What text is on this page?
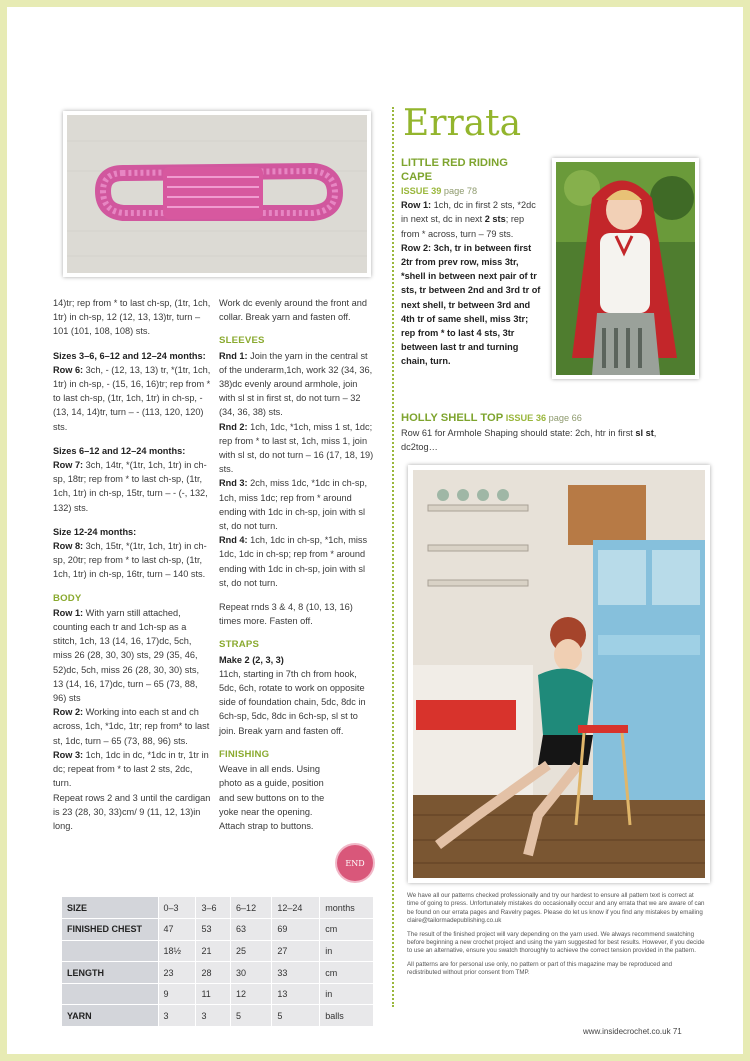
14)tr; rep from * to last ch-sp, (1tr, 1ch, 1tr) in ch-sp, 12 (12, 13, 13)tr, turn – 101 (101, 108, 108) sts.

Sizes 3–6, 6–12 and 12–24 months:

Row 6: 3ch, - (12, 13, 13) tr, *(1tr, 1ch, 1tr) in ch-sp, - (15, 16, 16)tr; rep from * to last ch-sp, (1tr, 1ch, 1tr) in ch-sp, - (13, 14, 14)tr, turn – - (113, 120, 120) sts.

Sizes 6–12 and 12–24 months:

Row 7: 3ch, 14tr, *(1tr, 1ch, 1tr) in ch-sp, 18tr; rep from * to last ch-sp, (1tr, 1ch, 1tr) in ch-sp, 15tr, turn – - (-, 132, 132) sts.

Size 12-24 months:

Row 8: 3ch, 15tr, *(1tr, 1ch, 1tr) in ch-sp, 20tr; rep from * to last ch-sp, (1tr, 1ch, 1tr) in ch-sp, 16tr, turn – 140 sts.

BODY

Row 1: With yarn still attached, counting each tr and 1ch-sp as a stitch, 1ch, 13 (14, 16, 17)dc, 5ch, miss 26 (28, 30, 30) sts, 29 (35, 46, 52)dc, 5ch, miss 26 (28, 30, 30) sts, 13 (14, 16, 17)dc, turn – 65 (73, 88, 96) sts

Row 2: Working into each st and ch across, 1ch, *1dc, 1tr; rep from* to last st, 1dc, turn – 65 (73, 88, 96) sts.

Row 3: 1ch, 1dc in dc, *1dc in tr, 1tr in dc; repeat from * to last 2 sts, 2dc, turn.

Repeat rows 2 and 3 until the cardigan is 23 (28, 30, 33)cm/ 9 (11, 12, 13)in long.

Work dc evenly around the front and collar. Break yarn and fasten off.

SLEEVES

Rnd 1: Join the yarn in the central st of the underarm,1ch, work 32 (34, 36, 38)dc evenly around armhole, join with sl st in first st, do not turn – 32 (34, 36, 38) sts.

Rnd 2: 1ch, 1dc, *1ch, miss 1 st, 1dc; rep from * to last st, 1ch, miss 1, join with sl st, do not turn – 16 (17, 18, 19) sts.

Rnd 3: 2ch, miss 1dc, *1dc in ch-sp, 1ch, miss 1dc; rep from * around ending with 1dc in ch-sp, join with sl st, do not turn.

Rnd 4: 1ch, 1dc in ch-sp, *1ch, miss 1dc, 1dc in ch-sp; rep from * around ending with 1dc in ch-sp, join with sl st, do not turn.

Repeat rnds 3 & 4, 8 (10, 13, 16) times more. Fasten off.

STRAPS

Make 2 (2, 3, 3)

11ch, starting in 7th ch from hook, 5dc, 6ch, rotate to work on opposite side of foundation chain, 5dc, 8dc in 6ch-sp, 5dc, 8dc in 6ch-sp, sl st to join. Break yarn and fasten off.

FINISHING

Weave in all ends. Using photo as a guide, position and sew buttons on to the yoke near the opening. Attach strap to buttons.

END
SIZE	0–3	3–6	6–12	12–24	months
FINISHED CHEST	47	53	63	69	cm
	18½	21	25	27	in
LENGTH	23	28	30	33	cm
	9	11	12	13	in
YARN	3	3	5	5	balls
Errata

LITTLE RED RIDING CAPE

ISSUE 39 page 78

Row 1: 1ch, dc in first 2 sts, *2dc in next st, dc in next 2 sts; rep from * across, turn – 79 sts.

Row 2: 3ch, tr in between first 2tr from prev row, miss 3tr, *shell in between next pair of tr sts, tr between 2nd and 3rd tr of next shell, tr between 3rd and 4th tr of same shell, miss 3tr; rep from * to last 4 sts, 3tr between last tr and turning chain, turn.

HOLLY SHELL TOP ISSUE 36 page 66

Row 61 for Armhole Shaping should state: 2ch, htr in first sl st, dc2tog…

We have all our patterns checked professionally and try our hardest to ensure all pattern text is correct at time of going to press. Unfortunately mistakes do occasionally occur and any errata that we are aware of can be found on our errata pages and Ravelry pages. Please do let us know if you find any mistakes by emailing claire@tailormadepublishing.co.uk

The result of the finished project will vary depending on the yarn used. We always recommend swatching before beginning a new crochet project and using the yarn suggested for best results. However, if you decide to use an alternative, ensure you swatch thoroughly to achieve the correct tension provided in the pattern.

All patterns are for personal use only, no pattern or part of this magazine may be reproduced and redistributed without prior consent from TMP.

www.insidecrochet.co.uk 71
